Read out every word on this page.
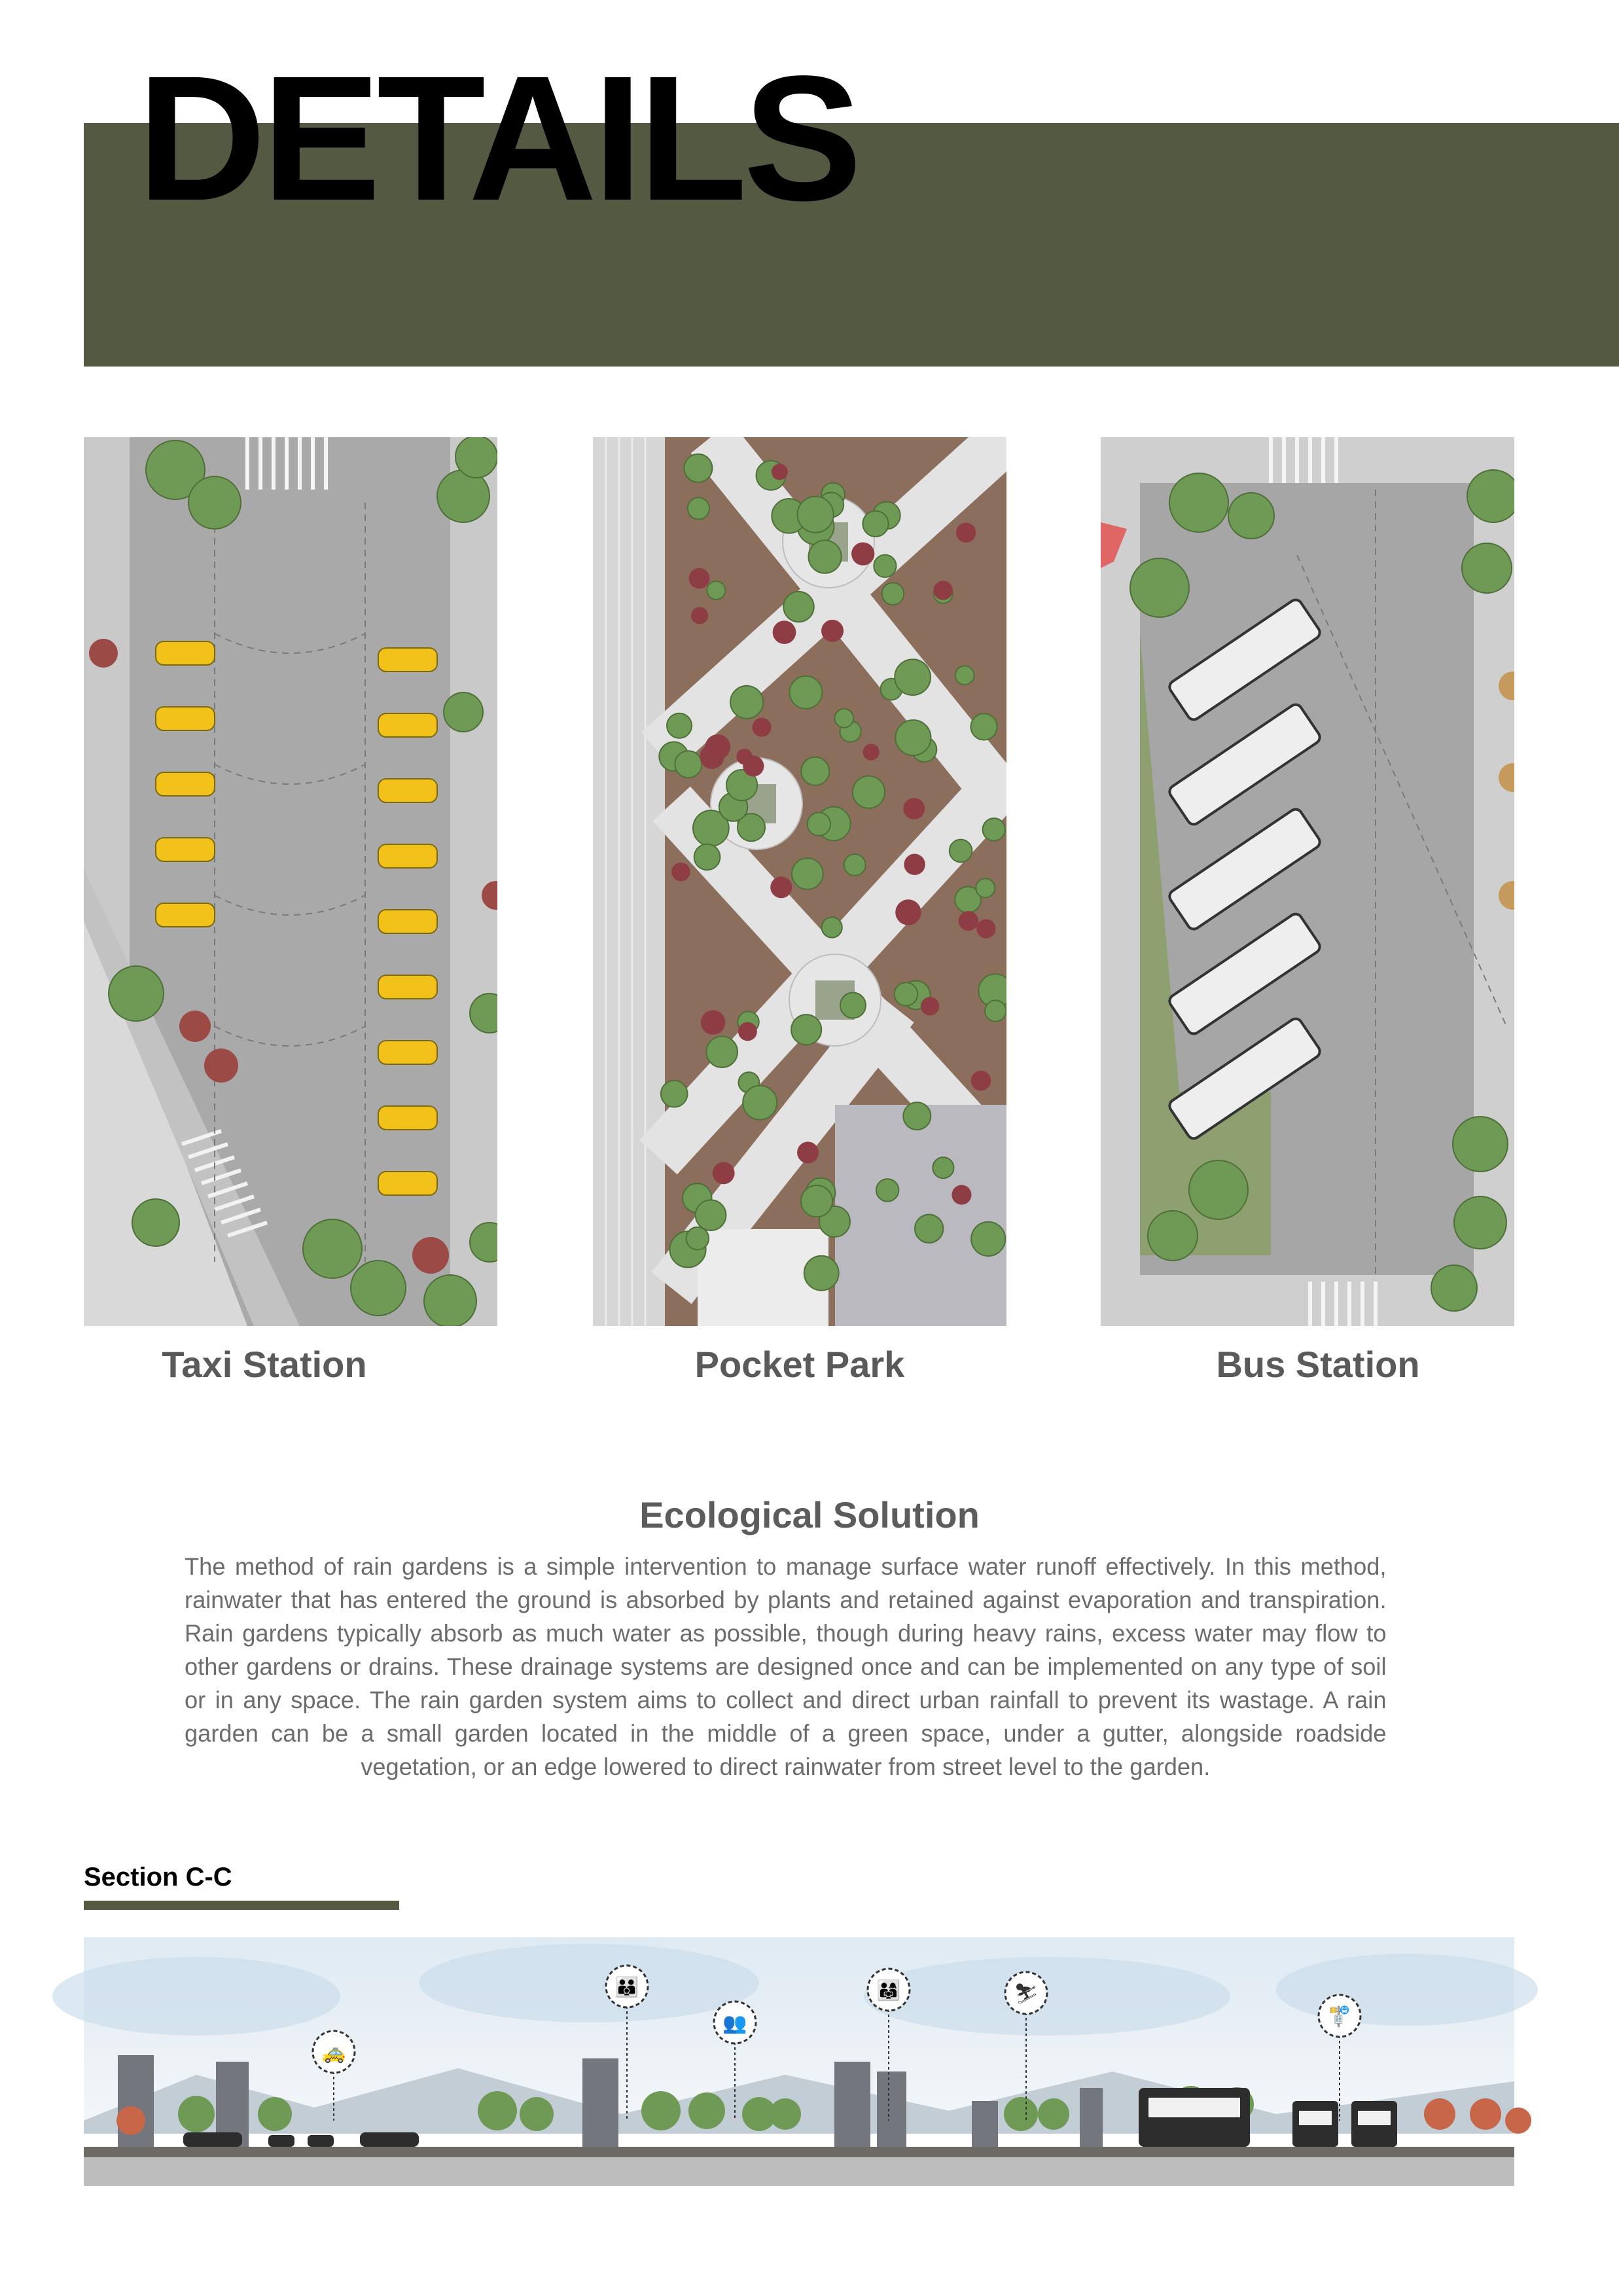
DETAILS
Taxi Station	Pocket Park	Bus Station
Ecological Solution
The method of rain gardens is a simple intervention to manage surface water runoff effectively. In this method, rainwater that has entered the ground is absorbed by plants and retained against evaporation and transpiration. Rain gardens typically absorb as much water as possible, though during heavy rains, excess water may flow to other gardens or drains. These drainage systems are designed once and can be implemented on any type of soil or in any space. The rain garden system aims to collect and direct urban rainfall to prevent its wastage. A rain garden can be a small garden located in the middle of a green space, under a gutter, alongside roadside vegetation, or an edge lowered to direct rainwater from street level to the garden.
Section C-C
🚕
👪
👥
👨‍👩‍👧	⛷
🚏
